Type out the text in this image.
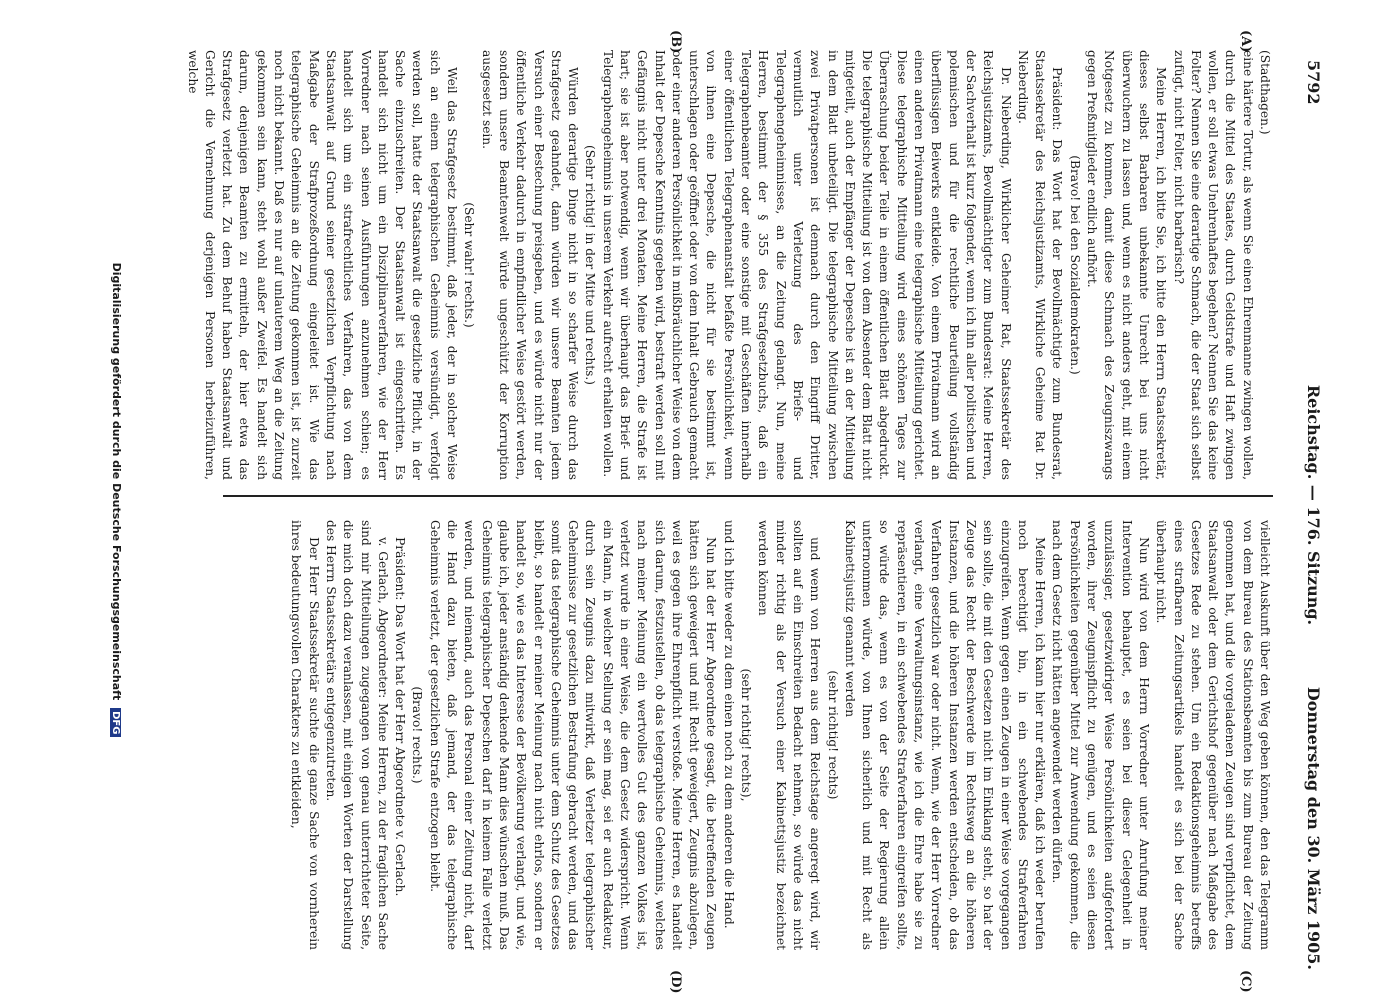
5792
Reichstag. — 176. Sitzung.
Donnerstag den 30. März 1905.
(A)
(B)
(C)
(D)

(Stadthagen.)

eine härtere Tortur, als wenn Sie einen Ehrenmanne zwingen wollen, durch die Mittel des Staates, durch Geldstrafe und Haft zwingen wollen, er soll etwas Unehrenhaftes begehen? Nennen Sie das keine Folter? Nennen Sie eine derartige Schmach, die der Staat sich selbst zufügt, nicht Folter, nicht barbarisch?

Meine Herren, ich bitte Sie, ich bitte den Herrn Staatssekretär, dieses selbst Barbaren unbekannte Unrecht bei uns nicht überwuchern zu lassen und, wenn es nicht anders geht, mit einem Notgesetz zu kommen, damit diese Schmach des Zeugniszwangs gegen Preßmitglieder endlich aufhört.

(Bravo! bei den Sozialdemokraten.)

Präsident: Das Wort hat der Bevollmächtigte zum Bundesrat, Staatssekretär des Reichsjustizamts, Wirkliche Geheime Rat Dr. Nieberding.

Dr. Nieberding, Wirklicher Geheimer Rat, Staatssekretär des Reichsjustizamts, Bevollmächtigter zum Bundesrat: Meine Herren, der Sachverhalt ist kurz folgender, wenn ich ihn aller politischen und polemischen und für die rechtliche Beurteilung vollständig überflüssigen Beiwerks entkleide. Von einem Privatmann wird an einen anderen Privatmann eine telegraphische Mitteilung gerichtet. Diese telegraphische Mitteilung wird eines schönen Tages zur Überraschung beider Teile in einem öffentlichen Blatt abgedruckt. Die telegraphische Mitteilung ist von dem Absender dem Blatt nicht mitgeteilt, auch der Empfänger der Depesche ist an der Mitteilung in dem Blatt unbeteiligt. Die telegraphische Mitteilung zwischen zwei Privatpersonen ist demnach durch den Eingriff Dritter, vermutlich unter Verletzung des Briefs- und Telegraphengeheimnisses, an die Zeitung gelangt. Nun, meine Herren, bestimmt der § 355 des Strafgesetzbuchs, daß ein Telegraphenbeamter oder eine sonstige mit Geschäften innerhalb einer öffentlichen Telegraphenanstalt befaßte Persönlichkeit, wenn von ihnen eine Depesche, die nicht für sie bestimmt ist, unterschlagen oder geöffnet oder von dem Inhalt Gebrauch gemacht oder einer anderen Persönlichkeit in mißbräuchlicher Weise von dem Inhalt der Depesche Kenntnis gegeben wird, bestraft werden soll mit Gefängnis nicht unter drei Monaten. Meine Herren, die Strafe ist hart; sie ist aber notwendig, wenn wir überhaupt das Brief- und Telegraphengeheimnis in unserem Verkehr aufrecht erhalten wollen.

(Sehr richtig! in der Mitte und rechts.)

Würden derartige Dinge nicht in so scharfer Weise durch das Strafgesetz geahndet, dann würden wir unsere Beamten jedem Versuch einer Bestechung preisgeben, und es würde nicht nur der öffentliche Verkehr dadurch in empfindlicher Weise gestört werden, sondern unsere Beamtenwelt würde ungeschützt der Korruption ausgesetzt sein.

(Sehr wahr! rechts.)

Weil das Strafgesetz bestimmt, daß jeder, der in solcher Weise sich an einem telegraphischen Geheimnis versündigt, verfolgt werden soll, hatte der Staatsanwalt die gesetzliche Pflicht, in der Sache einzuschreiten. Der Staatsanwalt ist eingeschritten. Es handelt sich nicht um ein Disziplinarverfahren, wie der Herr Vorredner nach seinen Ausführungen anzunehmen schien; es handelt sich um ein strafrechtliches Verfahren, das von dem Staatsanwalt auf Grund seiner gesetzlichen Verpflichtung nach Maßgabe der Strafprozeßordnung eingeleitet ist. Wie das telegraphische Geheimnis an die Zeitung gekommen ist, ist zurzeit noch nicht bekannt. Daß es nur auf unlauterem Weg an die Zeitung gekommen sein kann, steht wohl außer Zweifel. Es handelt sich darum, denjenigen Beamten zu ermitteln, der hier etwa das Strafgesetz verletzt hat. Zu dem Behuf haben Staatsanwalt und Gericht die Vernehmung derjenigen Personen herbeizuführen, welche

vielleicht Auskunft über den Weg geben können, den das Telegramm von dem Bureau des Stationsbeamten bis zum Bureau der Zeitung genommen hat, und die vorgeladenen Zeugen sind verpflichtet, dem Staatsanwalt oder dem Gerichtshof gegenüber nach Maßgabe des Gesetzes Rede zu stehen. Um ein Redaktionsgeheimnis betreffs eines strafbaren Zeitungsartikels handelt es sich bei der Sache überhaupt nicht.

Nun wird von dem Herrn Vorredner unter Anrufung meiner Intervention behauptet, es seien bei dieser Gelegenheit in unzulässiger, gesetzwidriger Weise Persönlichkeiten aufgefordert worden, ihrer Zeugnispflicht zu genügen, und es seien diesen Persönlichkeiten gegenüber Mittel zur Anwendung gekommen, die nach dem Gesetz nicht hätten angewendet werden dürfen.

Meine Herren, ich kann hier nur erklären, daß ich weder berufen noch berechtigt bin, in ein schwebendes Strafverfahren einzugreifen. Wenn gegen einen Zeugen in einer Weise vorgegangen sein sollte, die mit den Gesetzen nicht im Einklang steht, so hat der Zeuge das Recht der Beschwerde im Rechtsweg an die höheren Instanzen, und die höheren Instanzen werden entscheiden, ob das Verfahren gesetzlich war oder nicht. Wenn, wie der Herr Vorredner verlangt, eine Verwaltungsinstanz, wie ich die Ehre habe sie zu repräsentieren, in ein schwebendes Strafverfahren eingreifen sollte, so würde das, wenn es von der Seite der Regierung allein unternommen würde, von Ihnen sicherlich und mit Recht als Kabinettsjustiz genannt werden

(sehr richtig! rechts)

und wenn von Herren aus dem Reichstage angeregt wird, wir sollten auf ein Einschreiten Bedacht nehmen, so würde das nicht minder richtig als der Versuch einer Kabinettsjustiz bezeichnet werden können

(sehr richtig! rechts),

und ich bitte weder zu dem einen noch zu dem anderen die Hand.

Nun hat der Herr Abgeordnete gesagt, die betreffenden Zeugen hätten sich geweigert und mit Recht geweigert, Zeugnis abzulegen, weil es gegen ihre Ehrenpflicht verstoße. Meine Herren, es handelt sich darum, festzustellen, ob das telegraphische Geheimnis, welches nach meiner Meinung ein wertvolles Gut des ganzen Volkes ist, verletzt wurde in einer Weise, die dem Gesetz widerspricht. Wenn ein Mann, in welcher Stellung er sein mag, sei er auch Redakteur, durch sein Zeugnis dazu mitwirkt, daß Verletzer telegraphischer Geheimnisse zur gesetzlichen Bestrafung gebracht werden, und das somit das telegraphische Geheimnis unter dem Schutz des Gesetzes bleibt, so handelt er meiner Meinung nach nicht ehrlos, sondern er handelt so, wie es das Interesse der Bevölkerung verlangt, und wie, glaube ich, jeder anständig denkende Mann dies wünschen muß. Das Geheimnis telegraphischer Depeschen darf in keinem Falle verletzt werden, und niemand, auch das Personal einer Zeitung nicht, darf die Hand dazu bieten, daß jemand, der das telegraphische Geheimnis verletzt, der gesetzlichen Strafe entzogen bleibt.

(Bravo! rechts.)

Präsident: Das Wort hat der Herr Abgeordnete v. Gerlach.

v. Gerlach, Abgeordneter: Meine Herren, zu der fraglichen Sache sind mir Mitteilungen zugegangen von genau unterrichteter Seite, die mich doch dazu veranlassen, mit einigen Worten der Darstellung des Herrn Staatssekretärs entgegenzutreten.

Der Herr Staatssekretär suchte die ganze Sache von vornherein ihres bedeutungsvollen Charakters zu entkleiden,

Digitalisierung gefördert durch die Deutsche Forschungsgemeinschaft DFG
